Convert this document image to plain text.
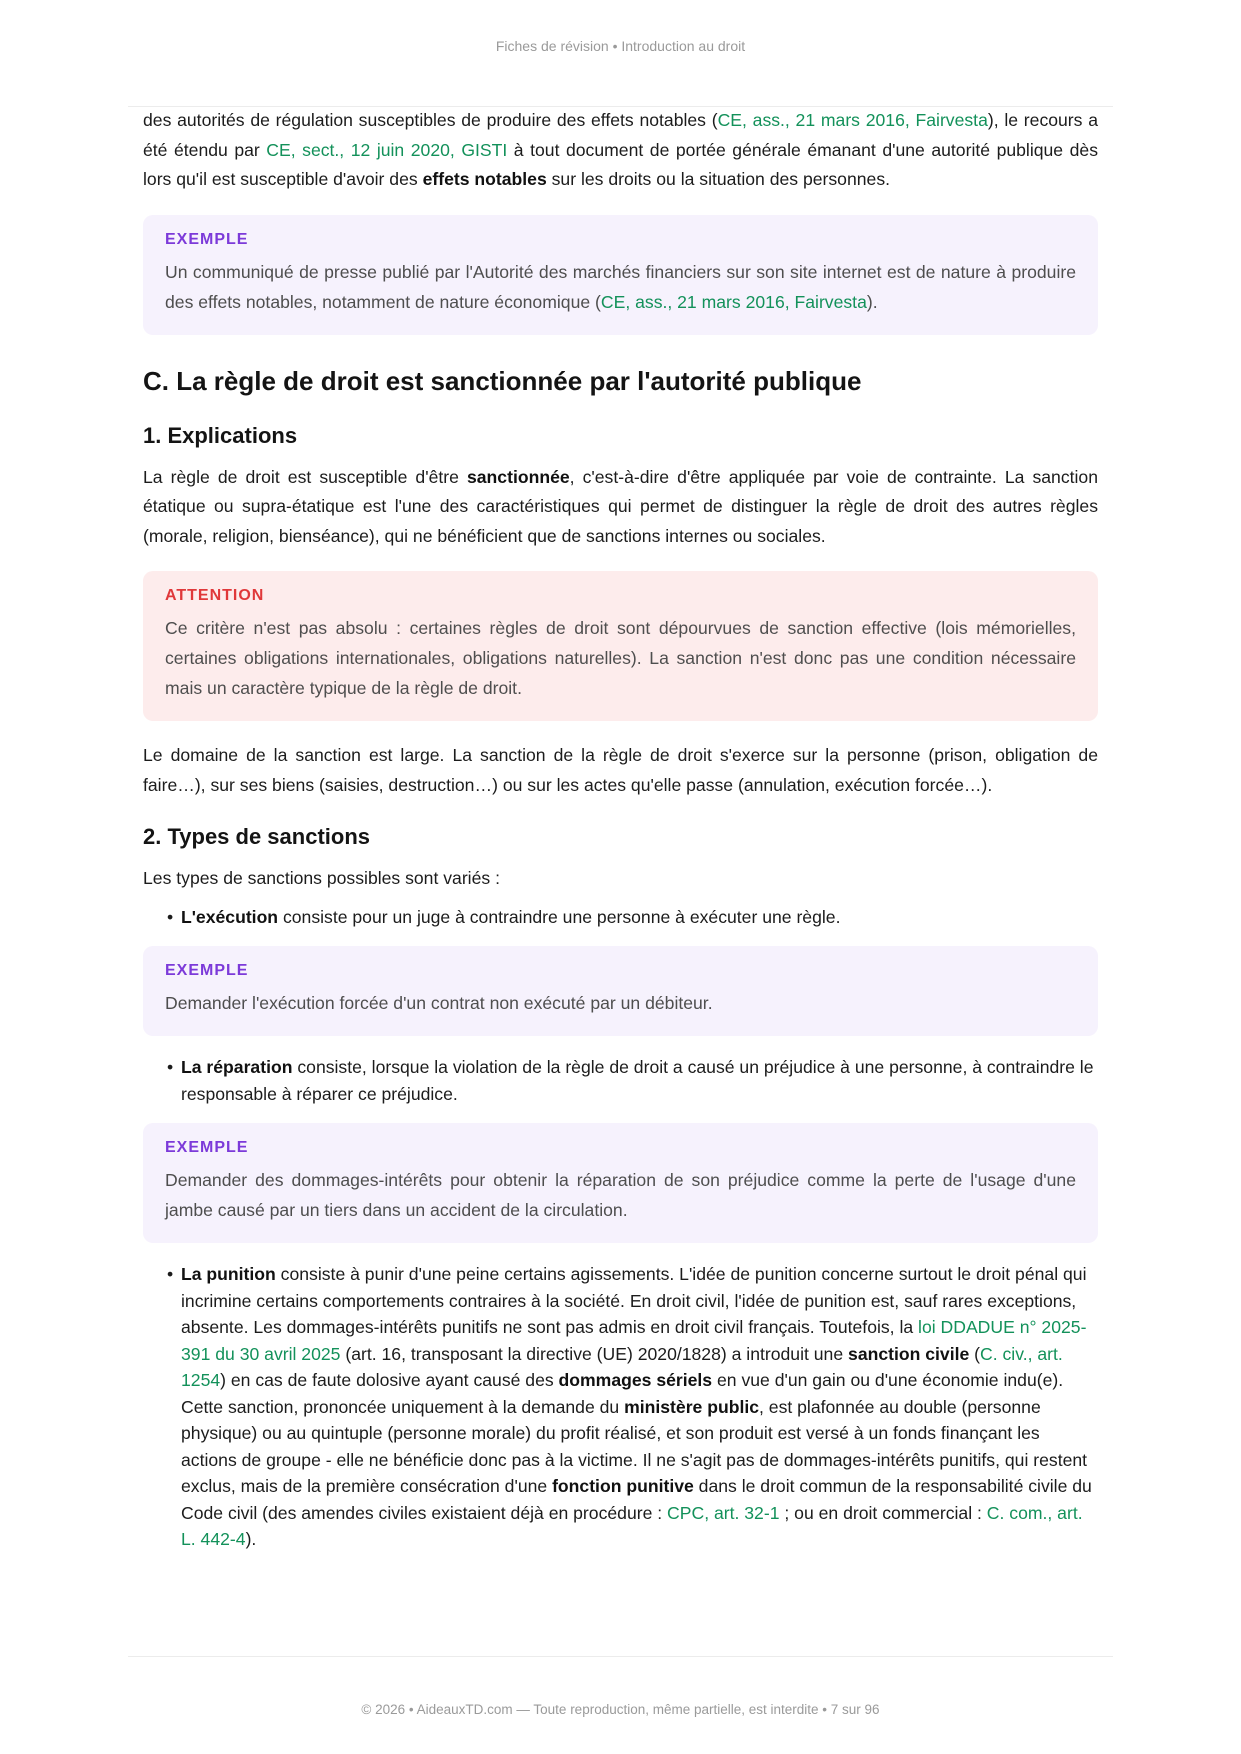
Fiches de révision • Introduction au droit

des autorités de régulation susceptibles de produire des effets notables (CE, ass., 21 mars 2016, Fairvesta), le recours a été étendu par CE, sect., 12 juin 2020, GISTI à tout document de portée générale émanant d'une autorité publique dès lors qu'il est susceptible d'avoir des effets notables sur les droits ou la situation des personnes.

EXEMPLE

Un communiqué de presse publié par l'Autorité des marchés financiers sur son site internet est de nature à produire des effets notables, notamment de nature économique (CE, ass., 21 mars 2016, Fairvesta).

C. La règle de droit est sanctionnée par l'autorité publique
1. Explications

La règle de droit est susceptible d'être sanctionnée, c'est-à-dire d'être appliquée par voie de contrainte. La sanction étatique ou supra-étatique est l'une des caractéristiques qui permet de distinguer la règle de droit des autres règles (morale, religion, bienséance), qui ne bénéficient que de sanctions internes ou sociales.

ATTENTION

Ce critère n'est pas absolu : certaines règles de droit sont dépourvues de sanction effective (lois mémorielles, certaines obligations internationales, obligations naturelles). La sanction n'est donc pas une condition nécessaire mais un caractère typique de la règle de droit.

Le domaine de la sanction est large. La sanction de la règle de droit s'exerce sur la personne (prison, obligation de faire…), sur ses biens (saisies, destruction…) ou sur les actes qu'elle passe (annulation, exécution forcée…).

2. Types de sanctions

Les types de sanctions possibles sont variés :

• L'exécution consiste pour un juge à contraindre une personne à exécuter une règle.
EXEMPLE

Demander l'exécution forcée d'un contrat non exécuté par un débiteur.

• La réparation consiste, lorsque la violation de la règle de droit a causé un préjudice à une personne, à contraindre le responsable à réparer ce préjudice.
EXEMPLE

Demander des dommages-intérêts pour obtenir la réparation de son préjudice comme la perte de l'usage d'une jambe causé par un tiers dans un accident de la circulation.

• La punition consiste à punir d'une peine certains agissements. L'idée de punition concerne surtout le droit pénal qui incrimine certains comportements contraires à la société. En droit civil, l'idée de punition est, sauf rares exceptions, absente. Les dommages-intérêts punitifs ne sont pas admis en droit civil français. Toutefois, la loi DDADUE n° 2025-391 du 30 avril 2025 (art. 16, transposant la directive (UE) 2020/1828) a introduit une sanction civile (C. civ., art. 1254) en cas de faute dolosive ayant causé des dommages sériels en vue d'un gain ou d'une économie indu(e). Cette sanction, prononcée uniquement à la demande du ministère public, est plafonnée au double (personne physique) ou au quintuple (personne morale) du profit réalisé, et son produit est versé à un fonds finançant les actions de groupe - elle ne bénéficie donc pas à la victime. Il ne s'agit pas de dommages-intérêts punitifs, qui restent exclus, mais de la première consécration d'une fonction punitive dans le droit commun de la responsabilité civile du Code civil (des amendes civiles existaient déjà en procédure : CPC, art. 32-1 ; ou en droit commercial : C. com., art. L. 442-4).
© 2026 • AideauxTD.com — Toute reproduction, même partielle, est interdite • 7 sur 96
